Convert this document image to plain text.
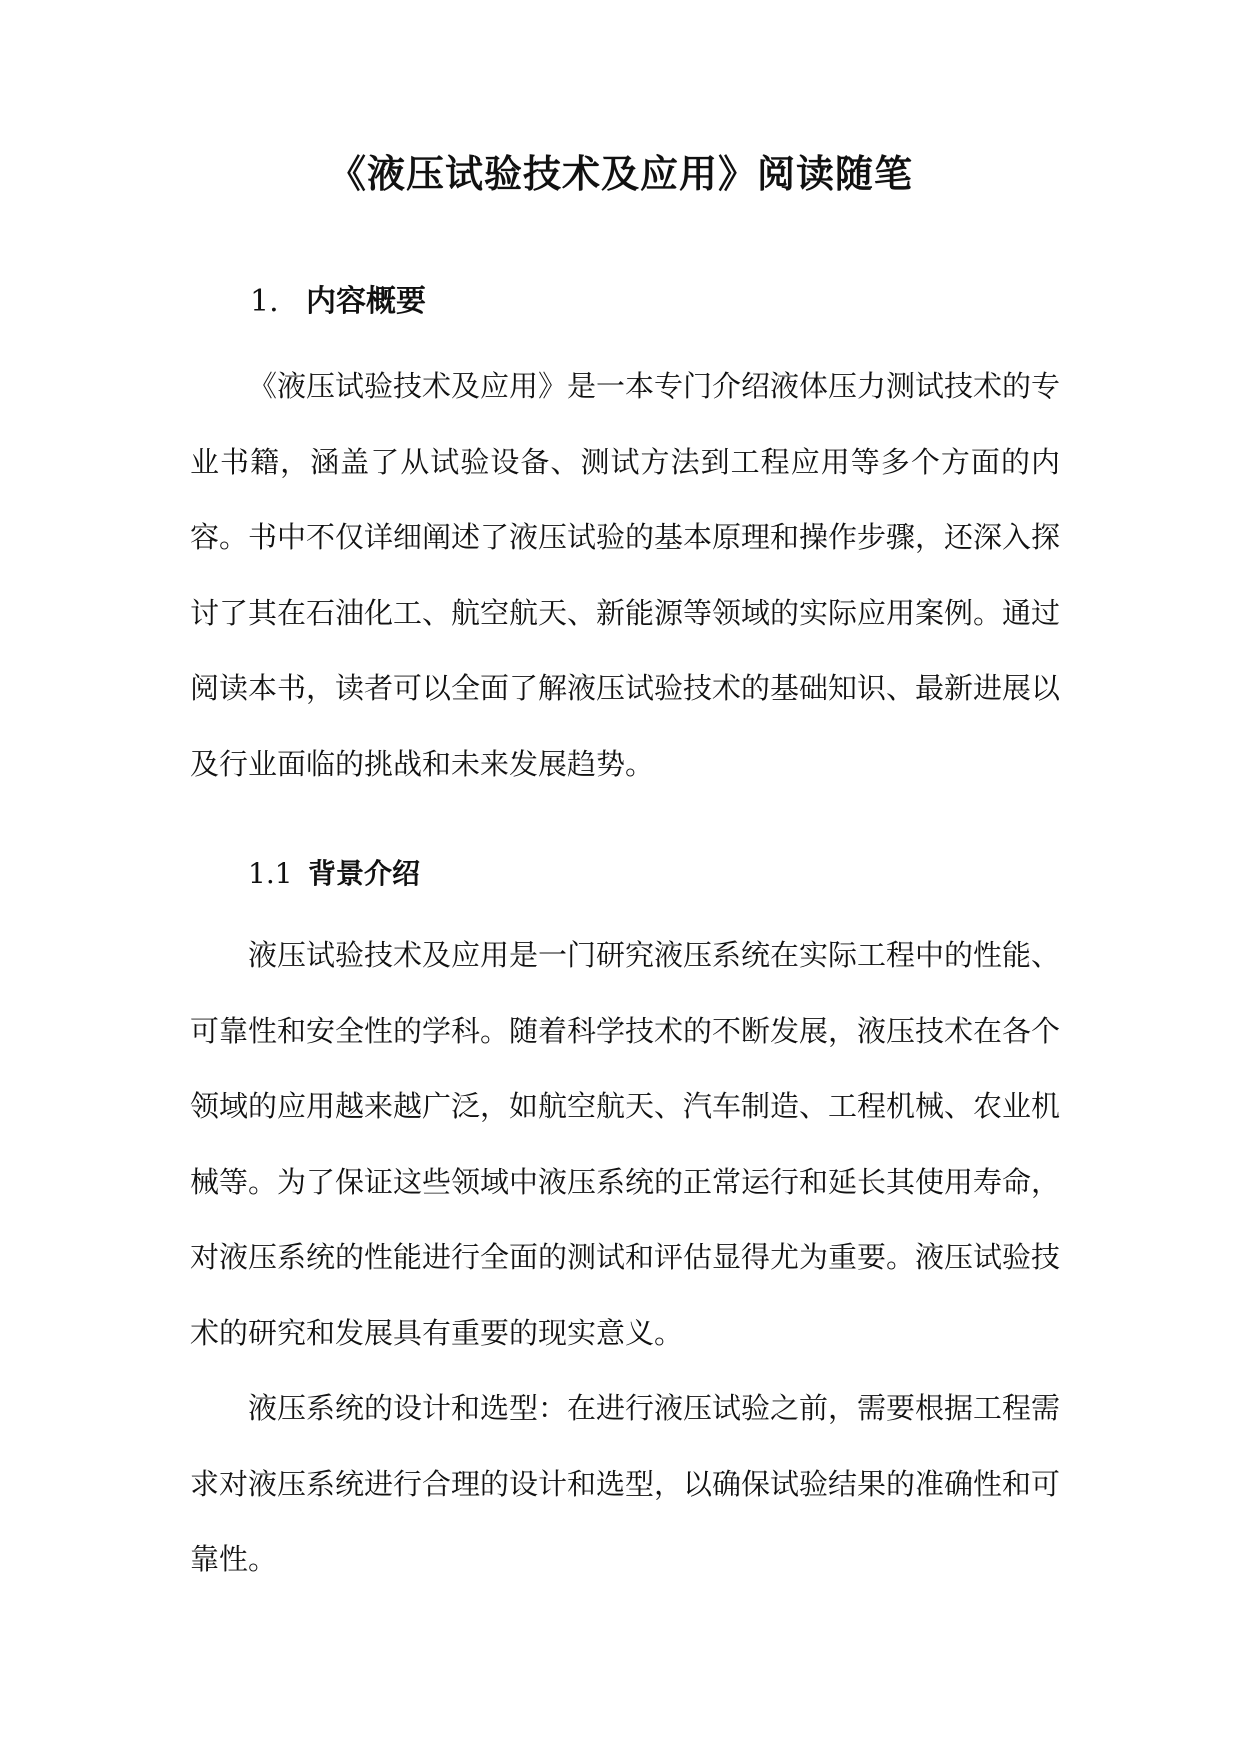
《液压试验技术及应用》阅读随笔
1. 内容概要

《液压试验技术及应用》是一本专门介绍液体压力测试技术的专业书籍，涵盖了从试验设备、测试方法到工程应用等多个方面的内容。书中不仅详细阐述了液压试验的基本原理和操作步骤，还深入探讨了其在石油化工、航空航天、新能源等领域的实际应用案例。通过阅读本书，读者可以全面了解液压试验技术的基础知识、最新进展以及行业面临的挑战和未来发展趋势。

1.1 背景介绍

液压试验技术及应用是一门研究液压系统在实际工程中的性能、可靠性和安全性的学科。随着科学技术的不断发展，液压技术在各个领域的应用越来越广泛，如航空航天、汽车制造、工程机械、农业机械等。为了保证这些领域中液压系统的正常运行和延长其使用寿命，对液压系统的性能进行全面的测试和评估显得尤为重要。液压试验技术的研究和发展具有重要的现实意义。

液压系统的设计和选型：在进行液压试验之前，需要根据工程需求对液压系统进行合理的设计和选型，以确保试验结果的准确性和可靠性。
